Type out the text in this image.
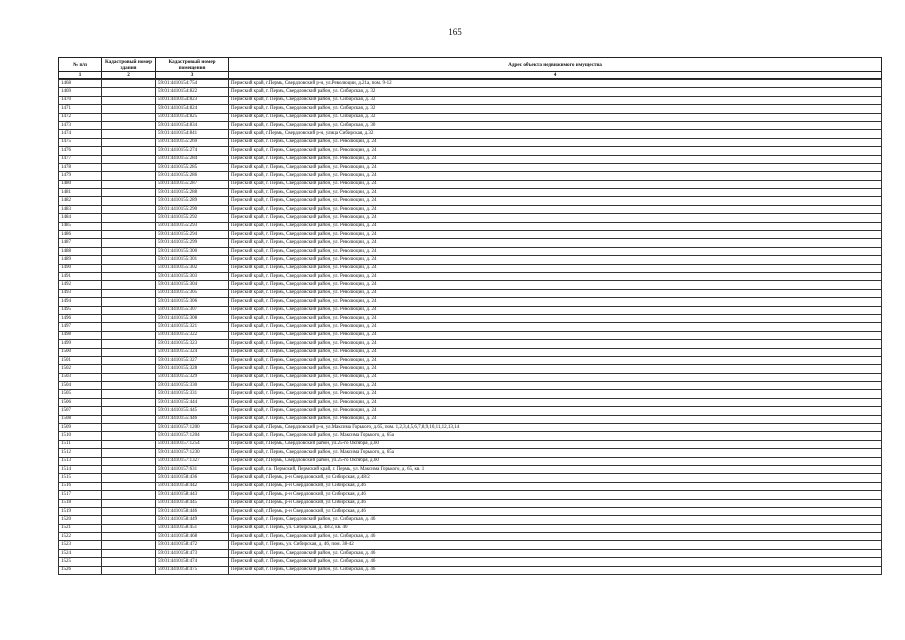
165
№ п/п	Кадастровый номер здания	Кадастровый номер помещения	Адрес объекта недвижимого имущества
1	2	3	4
1468		59:01:4410154:754	Пермский край, г.Пермь, Свердловский р-н, ул.Революции, д.21а, пом. 9-12
1469		59:01:4410154:822	Пермский край, г. Пермь, Свердловский район, ул. Сибирская, д. 32
1470		59:01:4410154:823	Пермский край, г. Пермь, Свердловский район, ул. Сибирская, д. 32
1471		59:01:4410154:824	Пермский край, г. Пермь, Свердловский район, ул. Сибирская, д. 32
1472		59:01:4410154:825	Пермский край, г. Пермь, Свердловский район, ул. Сибирская, д. 32
1473		59:01:4410154:834	Пермский край, г. Пермь, Свердловский район, ул. Сибирская, д. 30
1474		59:01:4410154:841	Пермский край, г.Пермь, Свердловский р-н, улица Сибирская, д.32
1475		59:01:4410155:269	Пермский край, г. Пермь, Свердловский район, ул. Революции, д. 24
1476		59:01:4410155:274	Пермский край, г. Пермь, Свердловский район, ул. Революции, д. 24
1477		59:01:4410155:284	Пермский край, г. Пермь, Свердловский район, ул. Революции, д. 24
1478		59:01:4410155:285	Пермский край, г. Пермь, Свердловский район, ул. Революции, д. 24
1479		59:01:4410155:286	Пермский край, г. Пермь, Свердловский район, ул. Революции, д. 24
1480		59:01:4410155:287	Пермский край, г. Пермь, Свердловский район, ул. Революции, д. 24
1481		59:01:4410155:288	Пермский край, г. Пермь, Свердловский район, ул. Революции, д. 24
1482		59:01:4410155:289	Пермский край, г. Пермь, Свердловский район, ул. Революции, д. 24
1483		59:01:4410155:290	Пермский край, г. Пермь, Свердловский район, ул. Революции, д. 24
1484		59:01:4410155:292	Пермский край, г. Пермь, Свердловский район, ул. Революции, д. 24
1485		59:01:4410155:293	Пермский край, г. Пермь, Свердловский район, ул. Революции, д. 24
1486		59:01:4410155:294	Пермский край, г. Пермь, Свердловский район, ул. Революции, д. 24
1487		59:01:4410155:299	Пермский край, г. Пермь, Свердловский район, ул. Революции, д. 24
1488		59:01:4410155:300	Пермский край, г. Пермь, Свердловский район, ул. Революции, д. 24
1489		59:01:4410155:301	Пермский край, г. Пермь, Свердловский район, ул. Революции, д. 24
1490		59:01:4410155:302	Пермский край, г. Пермь, Свердловский район, ул. Революции, д. 24
1491		59:01:4410155:303	Пермский край, г. Пермь, Свердловский район, ул. Революции, д. 24
1492		59:01:4410155:304	Пермский край, г. Пермь, Свердловский район, ул. Революции, д. 24
1493		59:01:4410155:305	Пермский край, г. Пермь, Свердловский район, ул. Революции, д. 24
1494		59:01:4410155:306	Пермский край, г. Пермь, Свердловский район, ул. Революции, д. 24
1495		59:01:4410155:307	Пермский край, г. Пермь, Свердловский район, ул. Революции, д. 24
1496		59:01:4410155:308	Пермский край, г. Пермь, Свердловский район, ул. Революции, д. 24
1497		59:01:4410155:321	Пермский край, г. Пермь, Свердловский район, ул. Революции, д. 24
1498		59:01:4410155:322	Пермский край, г. Пермь, Свердловский район, ул. Революции, д. 24
1499		59:01:4410155:323	Пермский край, г. Пермь, Свердловский район, ул. Революции, д. 24
1500		59:01:4410155:324	Пермский край, г. Пермь, Свердловский район, ул. Революции, д. 24
1501		59:01:4410155:327	Пермский край, г. Пермь, Свердловский район, ул. Революции, д. 24
1502		59:01:4410155:328	Пермский край, г. Пермь, Свердловский район, ул. Революции, д. 24
1503		59:01:4410155:329	Пермский край, г. Пермь, Свердловский район, ул. Революции, д. 24
1504		59:01:4410155:330	Пермский край, г. Пермь, Свердловский район, ул. Революции, д. 24
1505		59:01:4410155:331	Пермский край, г. Пермь, Свердловский район, ул. Революции, д. 24
1506		59:01:4410155:444	Пермский край, г. Пермь, Свердловский район, ул. Революции, д. 24
1507		59:01:4410155:445	Пермский край, г. Пермь, Свердловский район, ул. Революции, д. 24
1508		59:01:4410155:446	Пермский край, г. Пермь, Свердловский район, ул. Революции, д. 24
1509		59:01:4410157:1200	Пермский край, г.Пермь, Свердловский р-н, ул.Максима Горького, д.65, пом. 1,2,3,4,5,6,7,8,9,10,11,12,13,14
1510		59:01:4410157:1204	Пермский край, г. Пермь, Свердловский район, ул. Максима Горького, д. 65а
1511		59:01:4410157:1254	Пермский край, г.Пермь, Свердловский район, ул.25-го Октября, д.60
1512		59:01:4410157:1230	Пермский край, г. Пермь, Свердловский район, ул. Максима Горького, д. 65а
1513		59:01:4410157:1327	Пермский край, г.Пермь, Свердловский район, ул.25-го Октября, д.60
1514		59:01:4410157:631	Пермский край, г.о. Пермский, Пермский край, г. Пермь, ул. Максима Горького, д. 65, кв. 1
1515		59:01:4410158:436	Пермский край, г.Пермь, р-н Свердловский, ул Сибирская, д.48/2
1516		59:01:4410158:442	Пермский край, г.Пермь, р-н Свердловский, ул Сибирская, д.46
1517		59:01:4410158:443	Пермский край, г.Пермь, р-н Свердловский, ул Сибирская, д.46
1518		59:01:4410158:445	Пермский край, г.Пермь, р-н Свердловский, ул Сибирская, д.46
1519		59:01:4410158:446	Пермский край, г.Пермь, р-н Свердловский, ул Сибирская, д.46
1520		59:01:4410158:449	Пермский край, г. Пермь, Свердловский район, ул. Сибирская, д. 46
1521		59:01:4410158:451	Пермский край, г. Пермь, ул. Сибирская, д. 48/2, кв. 40
1522		59:01:4410158:468	Пермский край, г. Пермь, Свердловский район, ул. Сибирская, д. 46
1523		59:01:4410158:472	Пермский край, г. Пермь, ул. Сибирская, д. 46, пом. 38-42
1524		59:01:4410158:473	Пермский край, г. Пермь, Свердловский район, ул. Сибирская, д. 46
1525		59:01:4410158:474	Пермский край, г. Пермь, Свердловский район, ул. Сибирская, д. 46
1526		59:01:4410158:475	Пермский край, г. Пермь, Свердловский район, ул. Сибирская, д. 46
